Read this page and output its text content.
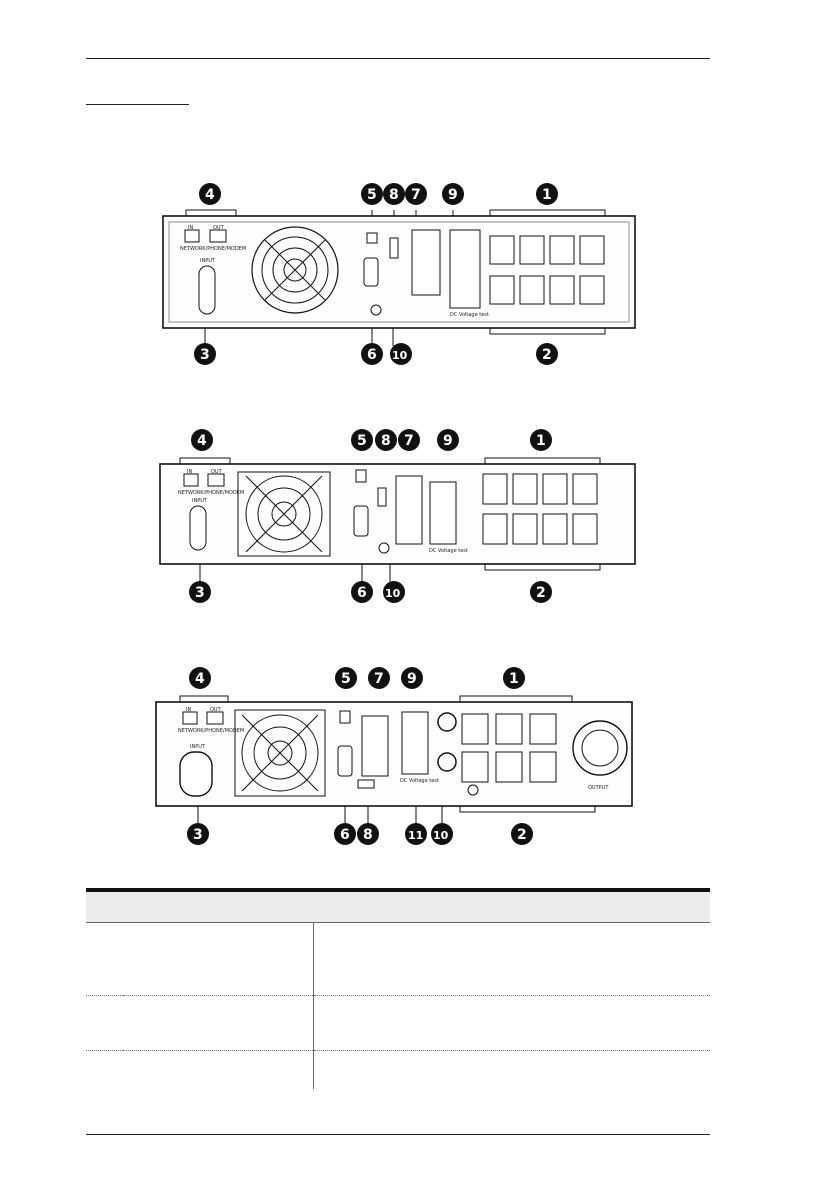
IN	OUT
NETWORK/PHONE/MODEM
INPUT
DC Voltage test
4	5 8 7 9	1
3	6 10	2
IN	OUT
NETWORK/PHONE/MODEM
INPUT
DC Voltage test
4	5 8 7 9	1
3	6 10	2
IN	OUT
NETWORK/PHONE/MODEM
INPUT
DC Voltage test
OUTPUT
4	5 7 9	1
3	6 8	11 10	2
